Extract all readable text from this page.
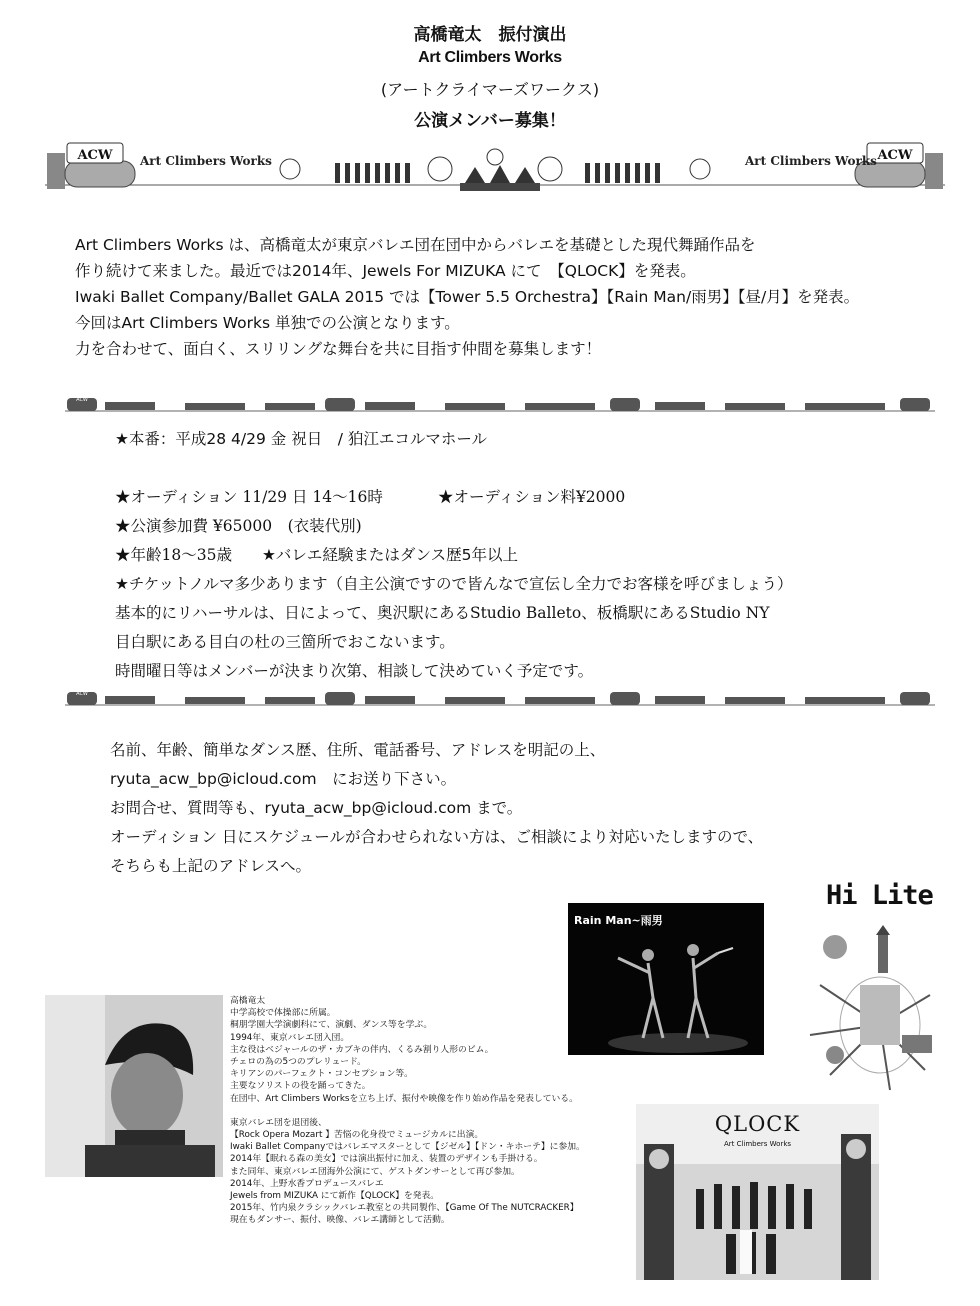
高橋竜太　振付演出
Art Climbers Works
(アートクライマーズワークス)
公演メンバー募集！
ACW Art Climbers Works	ACW
Art Climbers Works
Art Climbers Works は、高橋竜太が東京バレエ団在団中からバレエを基礎とした現代舞踊作品を
作り続けて来ました。最近では2014年、Jewels For MIZUKA にて　【QLOCK】を発表。
Iwaki Ballet Company/Ballet GALA 2015 では【Tower 5.5 Orchestra】【Rain Man/雨男】【昼/月】を発表。
今回はArt Climbers Works 単独での公演となります。
力を合わせて、面白く、スリリングな舞台を共に目指す仲間を募集します！
ACW
★本番：平成28 4/29 金 祝日　/ 狛江エコルマホール
★オーディション 11/29 日 14〜16時	★オーディション料¥2000
★公演参加費 ¥65000　(衣装代別)
★年齢18〜35歳 ★バレエ経験またはダンス歴5年以上
★チケットノルマ多少あります（自主公演ですので皆んなで宣伝し全力でお客様を呼びましょう）
基本的にリハーサルは、日によって、奥沢駅にあるStudio Balleto、板橋駅にあるStudio NY
目白駅にある目白の杜の三箇所でおこないます。
時間曜日等はメンバーが決まり次第、相談して決めていく予定です。
ACW
名前、年齢、簡単なダンス歴、住所、電話番号、アドレスを明記の上、
ryuta_acw_bp@icloud.com　にお送り下さい。
お問合せ、質問等も、ryuta_acw_bp@icloud.com まで。
オーディション 日にスケジュールが合わせられない方は、ご相談により対応いたしますので、
そちらも上記のアドレスへ。
高橋竜太
中学高校で体操部に所属。
桐朋学園大学演劇科にて、演劇、ダンス等を学ぶ。
1994年、東京バレエ団入団。
主な役はベジャールのザ・カブキの伴内、くるみ割り人形のビム。
チェロの為の5つのプレリュード。
キリアンのパーフェクト・コンセプション等。
主要なソリストの役を踊ってきた。
在団中、Art Climbers Worksを立ち上げ、振付や映像を作り始め作品を発表している。
東京バレエ団を退団後、
【Rock Opera Mozart 】苦悩の化身役でミュージカルに出演。
Iwaki Ballet Companyではバレエマスターとして【ジゼル】【ドン・キホーテ】に参加。
2014年【眠れる森の美女】では演出振付に加え、装置のデザインも手掛ける。
また同年、東京バレエ団海外公演にて、ゲストダンサーとして再び参加。
2014年、上野水香プロデュースバレエ
Jewels from MIZUKA にて新作【QLOCK】を発表。
2015年、竹内泉クラシックバレエ教室との共同製作、【Game Of The NUTCRACKER】
現在もダンサー、振付、映像、バレエ講師として活動。
Rain Man~雨男
Hi Lite
QLOCK
Art Climbers Works
